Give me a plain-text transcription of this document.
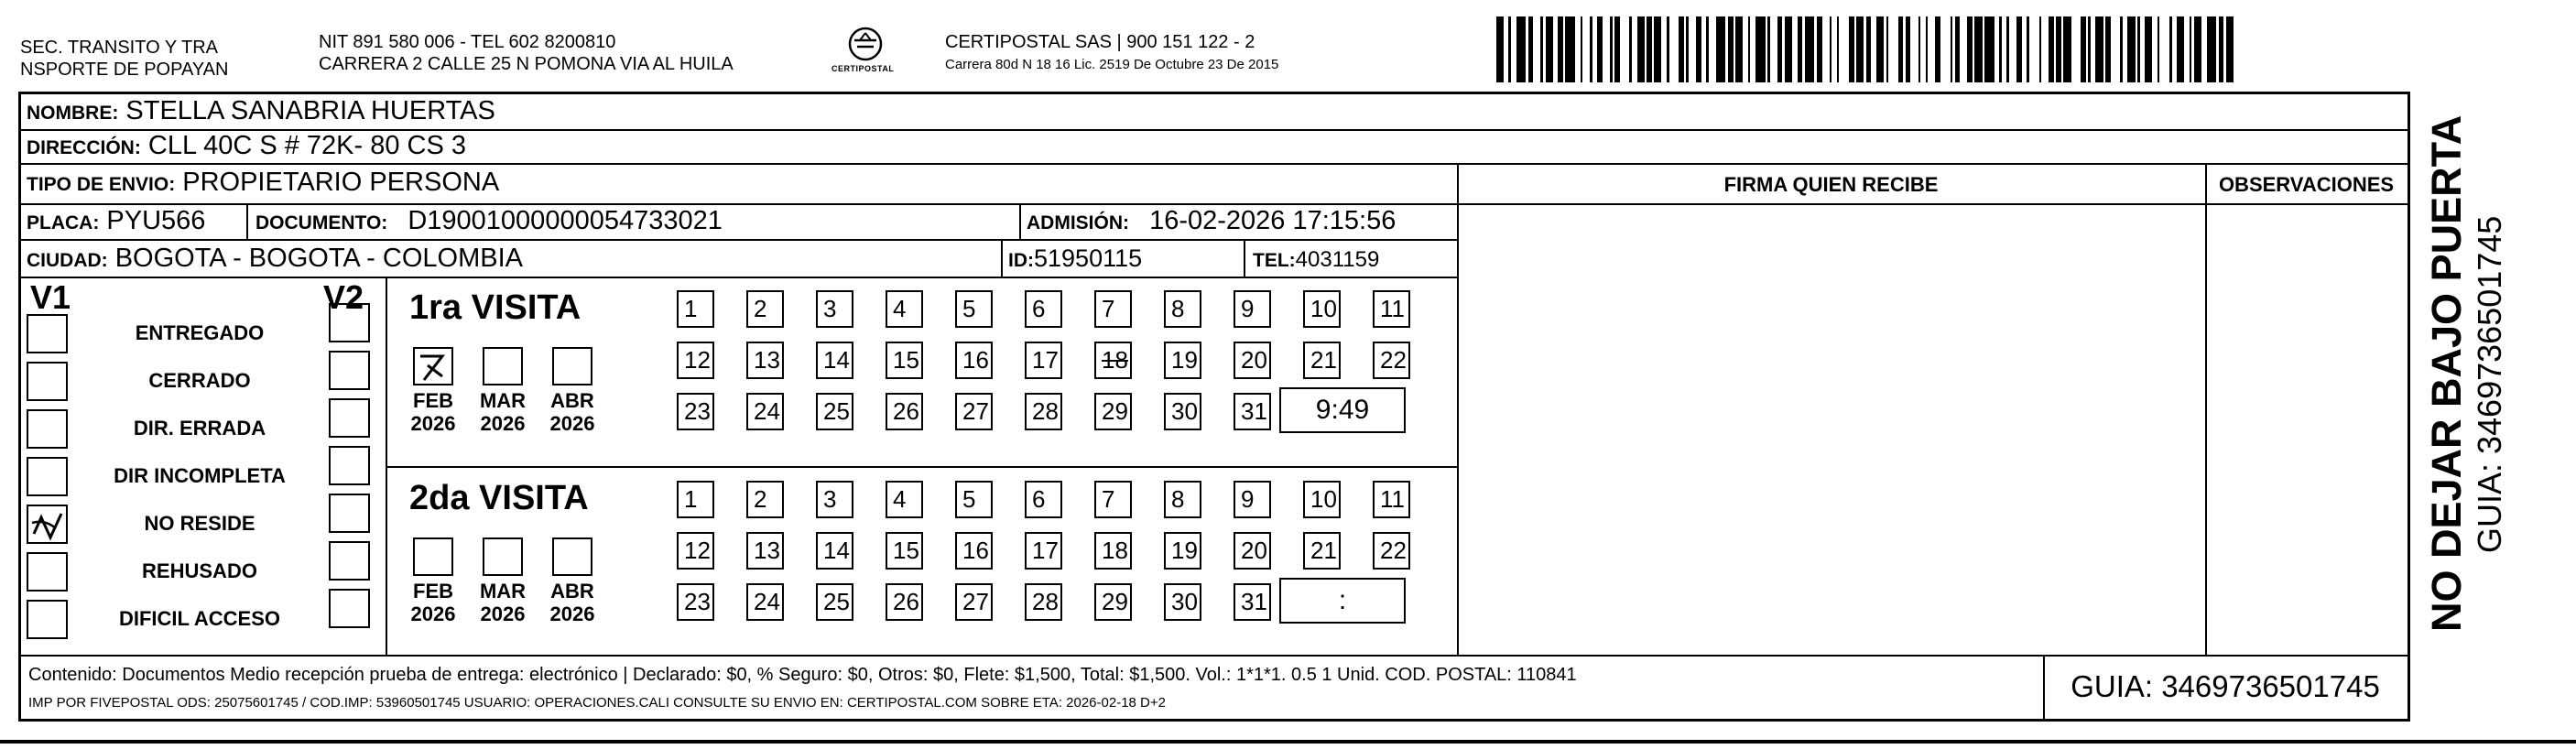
SEC. TRANSITO Y TRA
NSPORTE DE POPAYAN
NIT 891 580 006 - TEL 602 8200810
CARRERA 2 CALLE 25 N POMONA VIA AL HUILA	CERTIPOSTAL
CERTIPOSTAL SAS | 900 151 122 - 2
Carrera 80d N 18 16 Lic. 2519 De Octubre 23 De 2015
NOMBRE: STELLA SANABRIA HUERTAS
DIRECCIÓN: CLL 40C S # 72K- 80 CS 3
TIPO DE ENVIO: PROPIETARIO PERSONA	FIRMA QUIEN RECIBE	OBSERVACIONES
PLACA: PYU566	DOCUMENTO: D19001000000054733021	ADMISIÓN: 16-02-2026 17:15:56
CIUDAD: BOGOTA - BOGOTA - COLOMBIA	ID:51950115	TEL:4031159
V1	V2
ENTREGADO
CERRADO
DIR. ERRADA
DIR INCOMPLETA
NO RESIDE
REHUSADO
DIFICIL ACCESO
1ra VISITA
FEB
2026
MAR
2026
ABR
2026
1	2	3	4	5	6	7	8	9	10	11
12	13	14	15	16	17	18	19	20	21	22
23	24	25	26	27	28	29	30	31	9:49
2da VISITA
FEB
2026
MAR
2026
ABR
2026
1	2	3	4	5	6	7	8	9	10	11
12	13	14	15	16	17	18	19	20	21	22
23	24	25	26	27	28	29	30	31	:
Contenido: Documentos Medio recepción prueba de entrega: electrónico | Declarado: $0, % Seguro: $0, Otros: $0, Flete: $1,500, Total: $1,500. Vol.: 1*1*1. 0.5 1 Unid. COD. POSTAL: 110841
IMP POR FIVEPOSTAL ODS: 25075601745 / COD.IMP: 53960501745 USUARIO: OPERACIONES.CALI CONSULTE SU ENVIO EN: CERTIPOSTAL.COM SOBRE ETA: 2026-02-18 D+2	GUIA: 3469736501745
NO DEJAR BAJO PUERTA GUIA: 3469736501745
